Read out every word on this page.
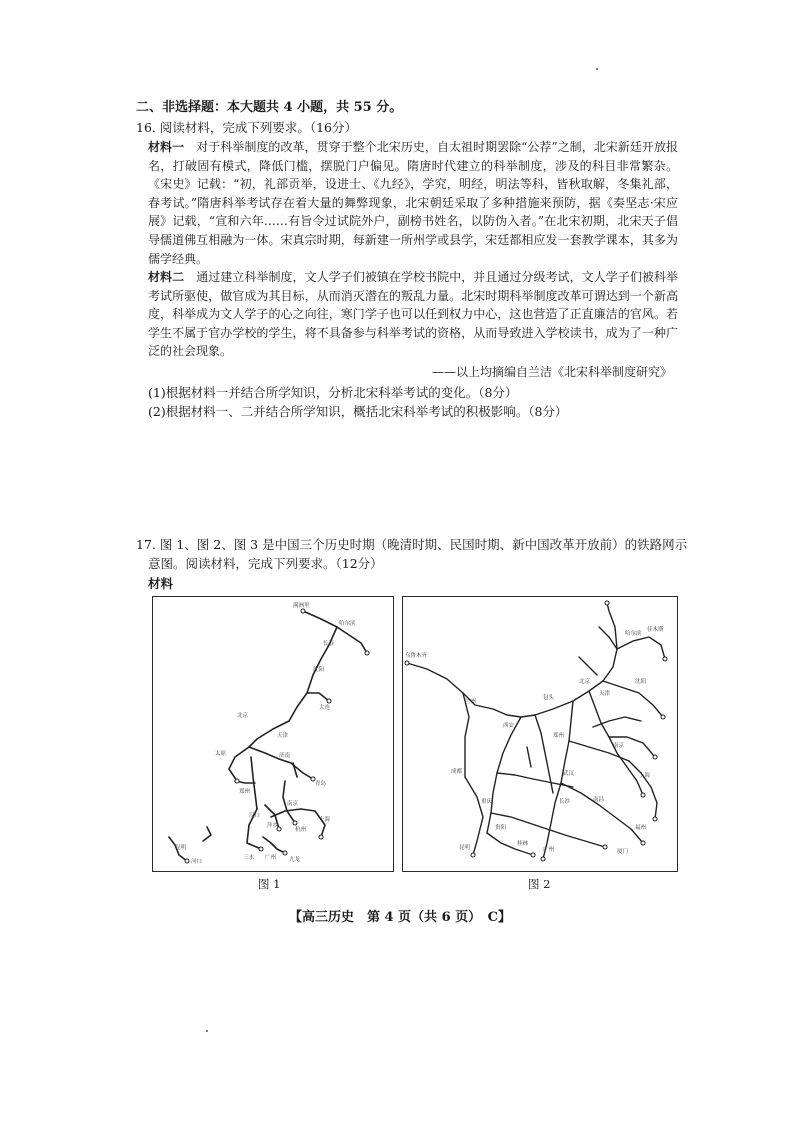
二、非选择题：本大题共 4 小题，共 55 分。
16. 阅读材料，完成下列要求。（16分）
材料一　 对于科举制度的改革，贯穿于整个北宋历史，自太祖时期罢除“公荐”之制，北宋新廷开放报名，打破固有模式，降低门槛，摆脱门户偏见。隋唐时代建立的科举制度，涉及的科目非常繁杂。《宋史》记载：“初，礼部贡举，设进士、《九经》，学究，明经，明法等科，皆秋取解，冬集礼部，春考试。”隋唐科举考试存在着大量的舞弊现象，北宋朝廷采取了多种措施来预防，据《奏坚志·宋应展》记载，“宣和六年……有旨令过试院外户，副榜书姓名，以防伪入者。”在北宋初期，北宋天子倡导儒道佛互相融为一体。宋真宗时期，每新建一所州学或县学，宋廷都相应发一套教学课本，其多为儒学经典。
材料二　 通过建立科举制度，文人学子们被镇在学校书院中，并且通过分级考试，文人学子们被科举考试所驱使，做官成为其目标，从而消灭潜在的叛乱力量。北宋时期科举制度改革可谓达到一个新高度，科举成为文人学子的心之向往，寒门学子也可以任到权力中心，这也营造了正直廉洁的官风。若学生不属于官办学校的学生，将不具备参与科举考试的资格，从而导致进入学校读书，成为了一种广泛的社会现象。
——以上均摘编自兰洁《北宋科举制度研究》
(1)根据材料一并结合所学知识，分析北宋科举考试的变化。（8分）
(2)根据材料一、二并结合所学知识，概括北宋科举考试的积极影响。（8分）
17. 图 1、图 2、图 3 是中国三个历史时期（晚清时期、民国时期、新中国改革开放前）的铁路网示
意图。阅读材料，完成下列要求。（12分）
材料
满洲里
哈尔滨
长春
沈阳
北京
天津
大连
太原
郑州
济南
青岛
汉口
南京
上海
杭州
广州
萍乡
昆明
河口
三水	九龙
图 1
乌鲁木齐
兰州
西安
成都
重庆
昆明
贵阳
桂林
广州
北京
天津
郑州
武汉
长沙	南昌
福州
厦门
上海
南京
包头
沈阳
哈尔滨
佳木斯
图 2
【高三历史　第 4 页（共 6 页）　C】
